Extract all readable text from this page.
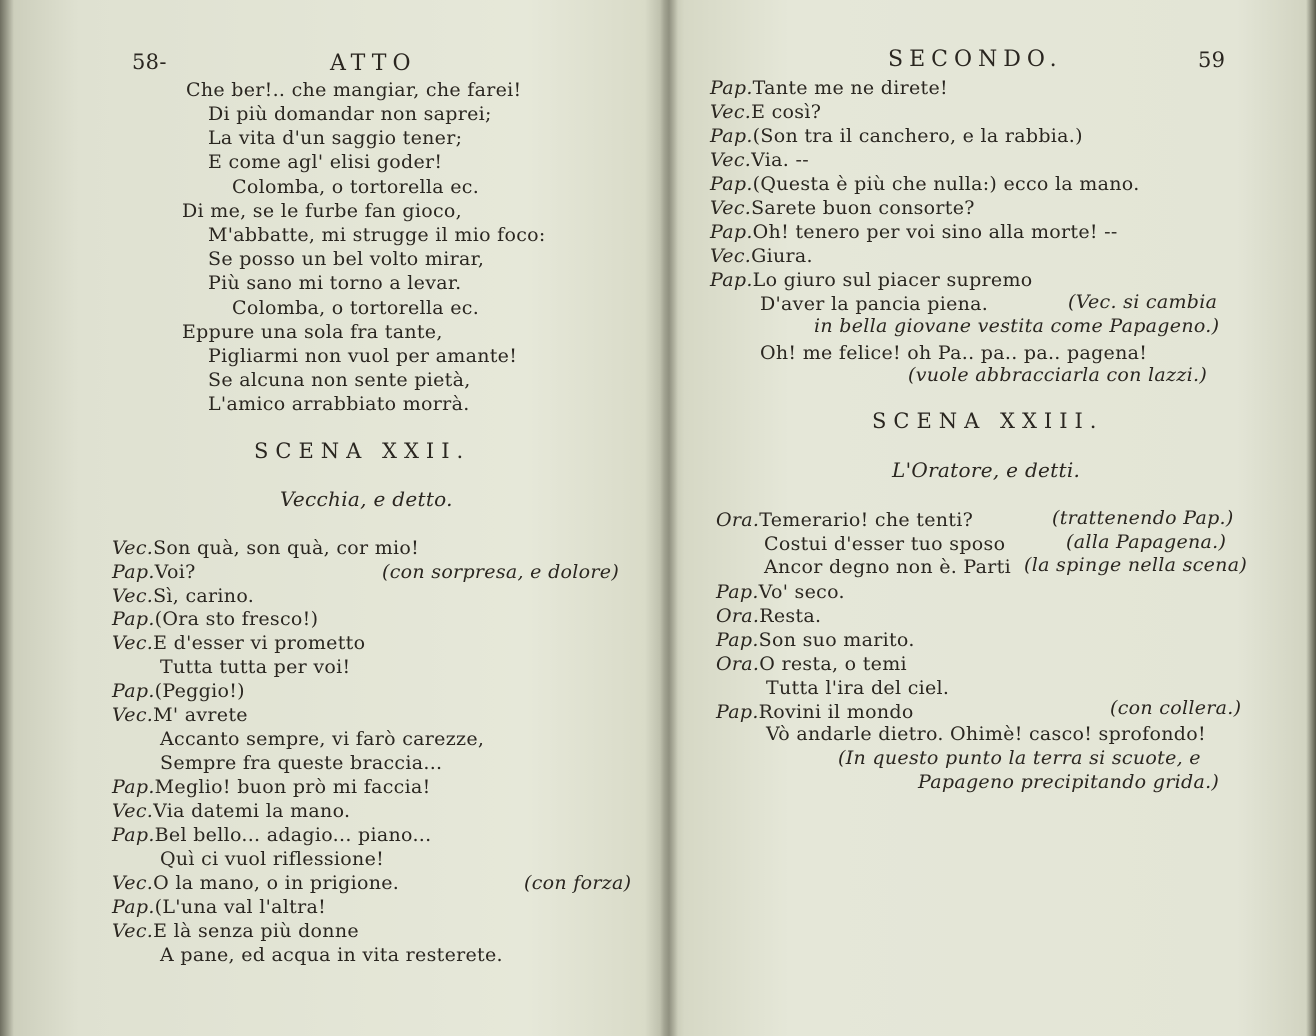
58-	ATTO
Che ber!.. che mangiar, che farei!
Di più domandar non saprei;
La vita d'un saggio tener;
E come agl' elisi goder!
Colomba, o tortorella ec.
Di me, se le furbe fan gioco,
M'abbatte, mi strugge il mio foco:
Se posso un bel volto mirar,
Più sano mi torno a levar.
Colomba, o tortorella ec.
Eppure una sola fra tante,
Pigliarmi non vuol per amante!
Se alcuna non sente pietà,
L'amico arrabbiato morrà.
SCENA XXII.
Vecchia, e detto.
Vec.Son quà, son quà, cor mio!
Pap.Voi?	(con sorpresa, e dolore)
Vec.Sì, carino.
Pap.(Ora sto fresco!)
Vec.E d'esser vi prometto
Tutta tutta per voi!
Pap.(Peggio!)
Vec.M' avrete
Accanto sempre, vi farò carezze,
Sempre fra queste braccia...
Pap.Meglio! buon prò mi faccia!
Vec.Via datemi la mano.
Pap.Bel bello... adagio... piano...
Quì ci vuol riflessione!
Vec.O la mano, o in prigione.	(con forza)
Pap.(L'una val l'altra!
Vec.E là senza più donne
A pane, ed acqua in vita resterete.
SECONDO.	59
Pap.Tante me ne direte!
Vec.E così?
Pap.(Son tra il canchero, e la rabbia.)
Vec.Via. --
Pap.(Questa è più che nulla:) ecco la mano.
Vec.Sarete buon consorte?
Pap.Oh! tenero per voi sino alla morte! --
Vec.Giura.
Pap.Lo giuro sul piacer supremo
D'aver la pancia piena.	(Vec. si cambia
in bella giovane vestita come Papageno.)
Oh! me felice! oh Pa.. pa.. pa.. pagena!
(vuole abbracciarla con lazzi.)
SCENA XXIII.
L'Oratore, e detti.
Ora.Temerario! che tenti?	(trattenendo Pap.)
Costui d'esser tuo sposo	(alla Papagena.)
Ancor degno non è. Parti (la spinge nella scena)
Pap.Vo' seco.
Ora.Resta.
Pap.Son suo marito.
Ora.O resta, o temi
Tutta l'ira del ciel.
Pap.Rovini il mondo	(con collera.)
Vò andarle dietro. Ohimè! casco! sprofondo!
(In questo punto la terra si scuote, e
Papageno precipitando grida.)
